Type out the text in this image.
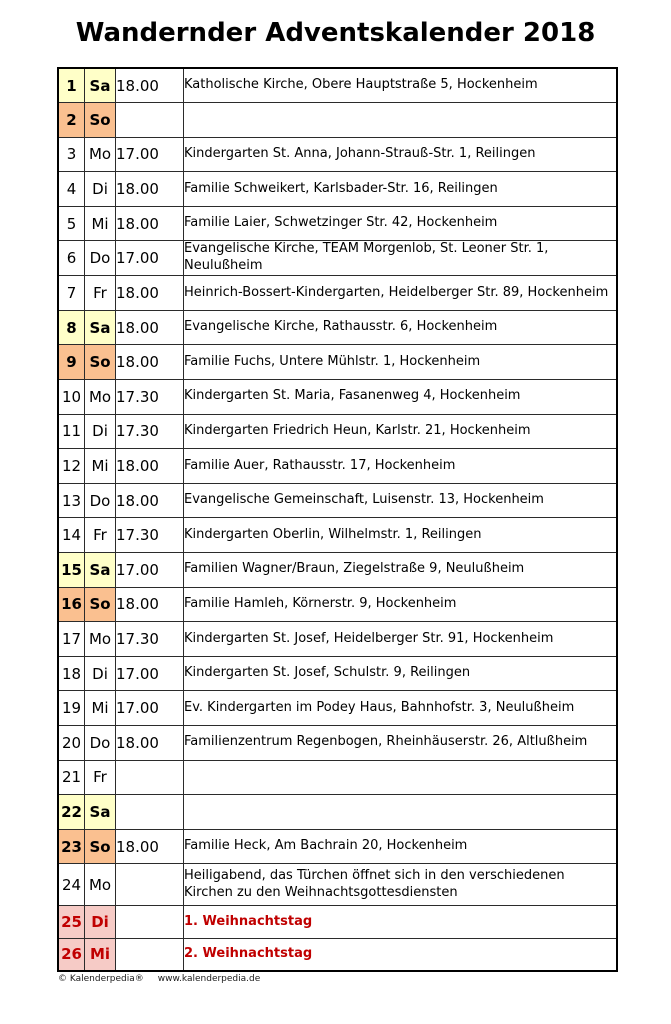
Wandernder Adventskalender 2018
1	Sa	18.00	Katholische Kirche, Obere Hauptstraße 5, Hockenheim
2	So		
3	Mo	17.00	Kindergarten St. Anna, Johann-Strauß-Str. 1, Reilingen
4	Di	18.00	Familie Schweikert, Karlsbader-Str. 16, Reilingen
5	Mi	18.00	Familie Laier, Schwetzinger Str. 42, Hockenheim
6	Do	17.00	Evangelische Kirche, TEAM Morgenlob, St. Leoner Str. 1, Neulußheim
7	Fr	18.00	Heinrich-Bossert-Kindergarten, Heidelberger Str. 89, Hockenheim
8	Sa	18.00	Evangelische Kirche, Rathausstr. 6, Hockenheim
9	So	18.00	Familie Fuchs, Untere Mühlstr. 1, Hockenheim
10	Mo	17.30	Kindergarten St. Maria, Fasanenweg 4, Hockenheim
11	Di	17.30	Kindergarten Friedrich Heun, Karlstr. 21, Hockenheim
12	Mi	18.00	Familie Auer, Rathausstr. 17, Hockenheim
13	Do	18.00	Evangelische Gemeinschaft, Luisenstr. 13, Hockenheim
14	Fr	17.30	Kindergarten Oberlin, Wilhelmstr. 1, Reilingen
15	Sa	17.00	Familien Wagner/Braun, Ziegelstraße 9, Neulußheim
16	So	18.00	Familie Hamleh, Körnerstr. 9, Hockenheim
17	Mo	17.30	Kindergarten St. Josef, Heidelberger Str. 91, Hockenheim
18	Di	17.00	Kindergarten St. Josef, Schulstr. 9, Reilingen
19	Mi	17.00	Ev. Kindergarten im Podey Haus, Bahnhofstr. 3, Neulußheim
20	Do	18.00	Familienzentrum Regenbogen, Rheinhäuserstr. 26, Altlußheim
21	Fr		
22	Sa		
23	So	18.00	Familie Heck, Am Bachrain 20, Hockenheim
24	Mo		Heiligabend, das Türchen öffnet sich in den verschiedenen Kirchen zu den Weihnachtsgottesdiensten
25	Di		1. Weihnachtstag
26	Mi		2. Weihnachtstag
© Kalenderpedia® www.kalenderpedia.de
